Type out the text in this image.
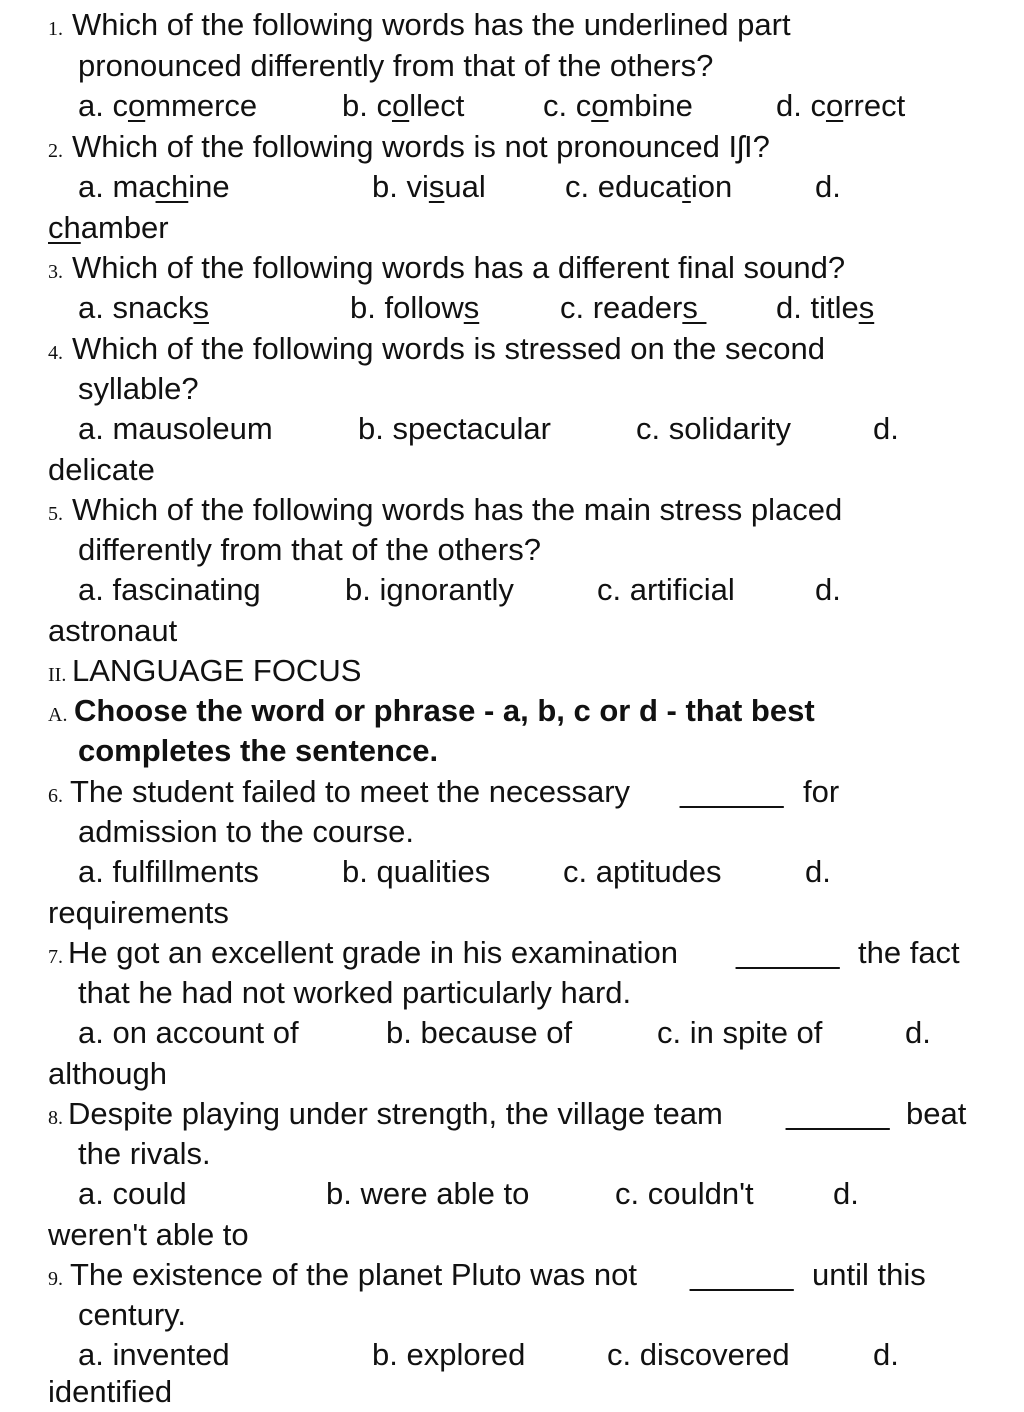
1. Which of the following words has the underlined part
pronounced differently from that of the others?
a. commerce	b. collect	c. combine	d. correct
2. Which of the following words is not pronounced IʃI?
a. machine	b. visual	c. education	d.
chamber
3. Which of the following words has a different final sound?
a. snacks	b. follows	c. readers d. titles
4. Which of the following words is stressed on the second
syllable?
a. mausoleum	b. spectacular	c. solidarity	d.
delicate
5. Which of the following words has the main stress placed
differently from that of the others?
a. fascinating	b. ignorantly	c. artificial	d.
astronaut
II. LANGUAGE FOCUS
A. Choose the word or phrase - a, b, c or d - that best
completes the sentence.
6. The student failed to meet the necessary ______ for
admission to the course.
a. fulfillments	b. qualities c. aptitudes	d.
requirements
7. He got an excellent grade in his examination ______ the fact
that he had not worked particularly hard.
a. on account of	b. because of	c. in spite of	d.
although
8. Despite playing under strength, the village team ______ beat
the rivals.
a. could	b. were able to	c. couldn't	d.
weren't able to
9. The existence of the planet Pluto was not ______ until this
century.
a. invented	b. explored	c. discovered	d.
identified
